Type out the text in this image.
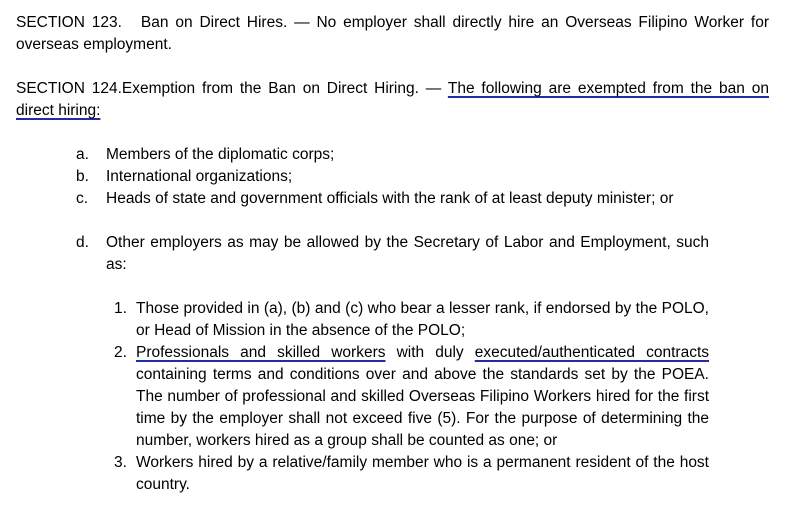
SECTION 123. Ban on Direct Hires. — No employer shall directly hire an Overseas Filipino Worker for overseas employment.
SECTION 124.Exemption from the Ban on Direct Hiring. — The following are exempted from the ban on direct hiring:
a. Members of the diplomatic corps;
b. International organizations;
c. Heads of state and government officials with the rank of at least deputy minister; or
d. Other employers as may be allowed by the Secretary of Labor and Employment, such as:
1. Those provided in (a), (b) and (c) who bear a lesser rank, if endorsed by the POLO, or Head of Mission in the absence of the POLO;
2. Professionals and skilled workers with duly executed/authenticated contracts containing terms and conditions over and above the standards set by the POEA. The number of professional and skilled Overseas Filipino Workers hired for the first time by the employer shall not exceed five (5). For the purpose of determining the number, workers hired as a group shall be counted as one; or
3. Workers hired by a relative/family member who is a permanent resident of the host country.
